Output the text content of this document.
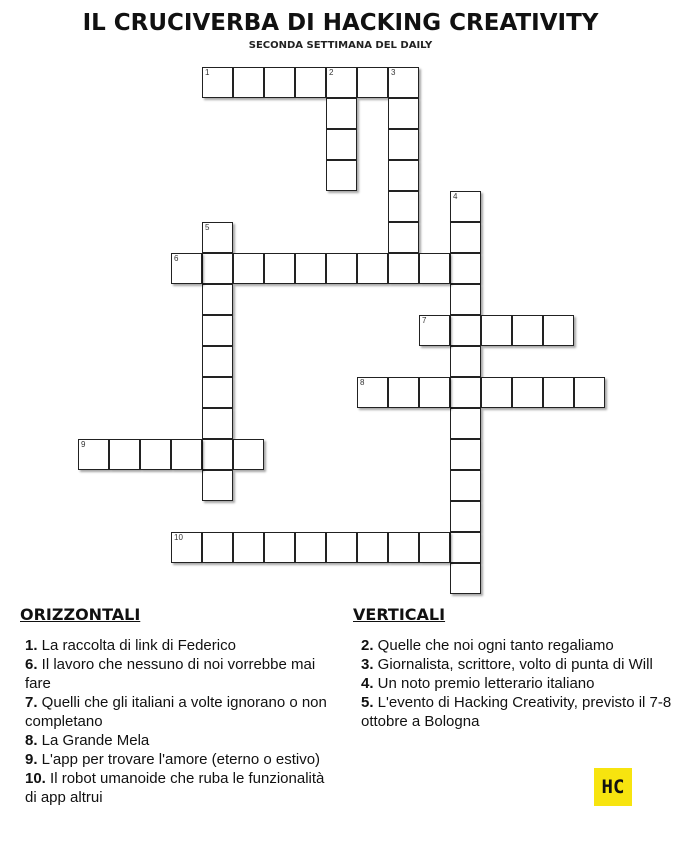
IL CRUCIVERBA DI HACKING CREATIVITY
SECONDA SETTIMANA DEL DAILY
1	2	3
4
5
6
7
8
9
10
ORIZZONTALI
1. La raccolta di link di Federico
6. Il lavoro che nessuno di noi vorrebbe mai fare
7. Quelli che gli italiani a volte ignorano o non completano
8. La Grande Mela
9. L'app per trovare l'amore (eterno o estivo)
10. Il robot umanoide che ruba le funzionalità di app altrui
VERTICALI
2. Quelle che noi ogni tanto regaliamo
3. Giornalista, scrittore, volto di punta di Will
4. Un noto premio letterario italiano
5. L'evento di Hacking Creativity, previsto il 7-8 ottobre a Bologna
HC
